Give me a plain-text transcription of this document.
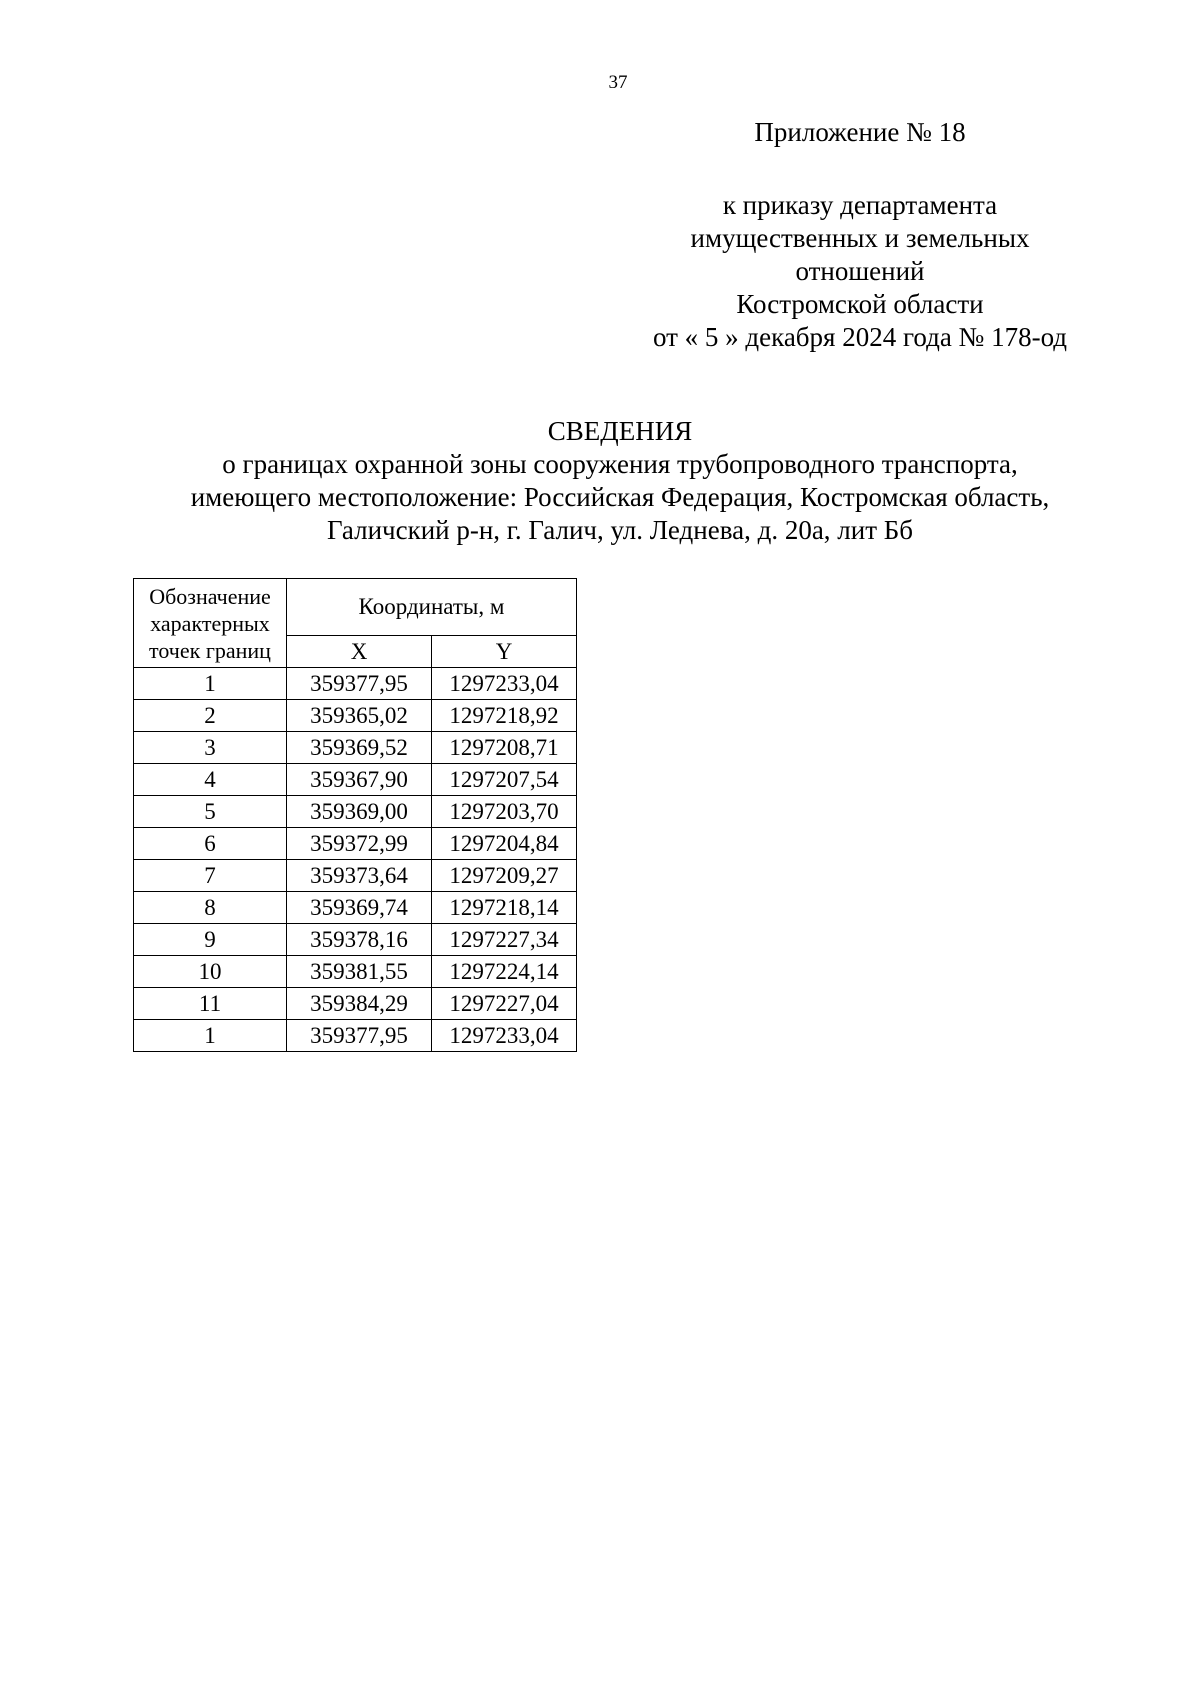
37
Приложение № 18
к приказу департамента
имущественных и земельных
отношений
Костромской области
от « 5 » декабря 2024 года № 178-од
СВЕДЕНИЯ
о границах охранной зоны сооружения трубопроводного транспорта,
имеющего местоположение: Российская Федерация, Костромская область,
Галичский р-н, г. Галич, ул. Леднева, д. 20а, лит Бб
Обозначение
характерных
точек границ	Координаты, м	
	X	Y
1	359377,95	1297233,04
2	359365,02	1297218,92
3	359369,52	1297208,71
4	359367,90	1297207,54
5	359369,00	1297203,70
6	359372,99	1297204,84
7	359373,64	1297209,27
8	359369,74	1297218,14
9	359378,16	1297227,34
10	359381,55	1297224,14
11	359384,29	1297227,04
1	359377,95	1297233,04
